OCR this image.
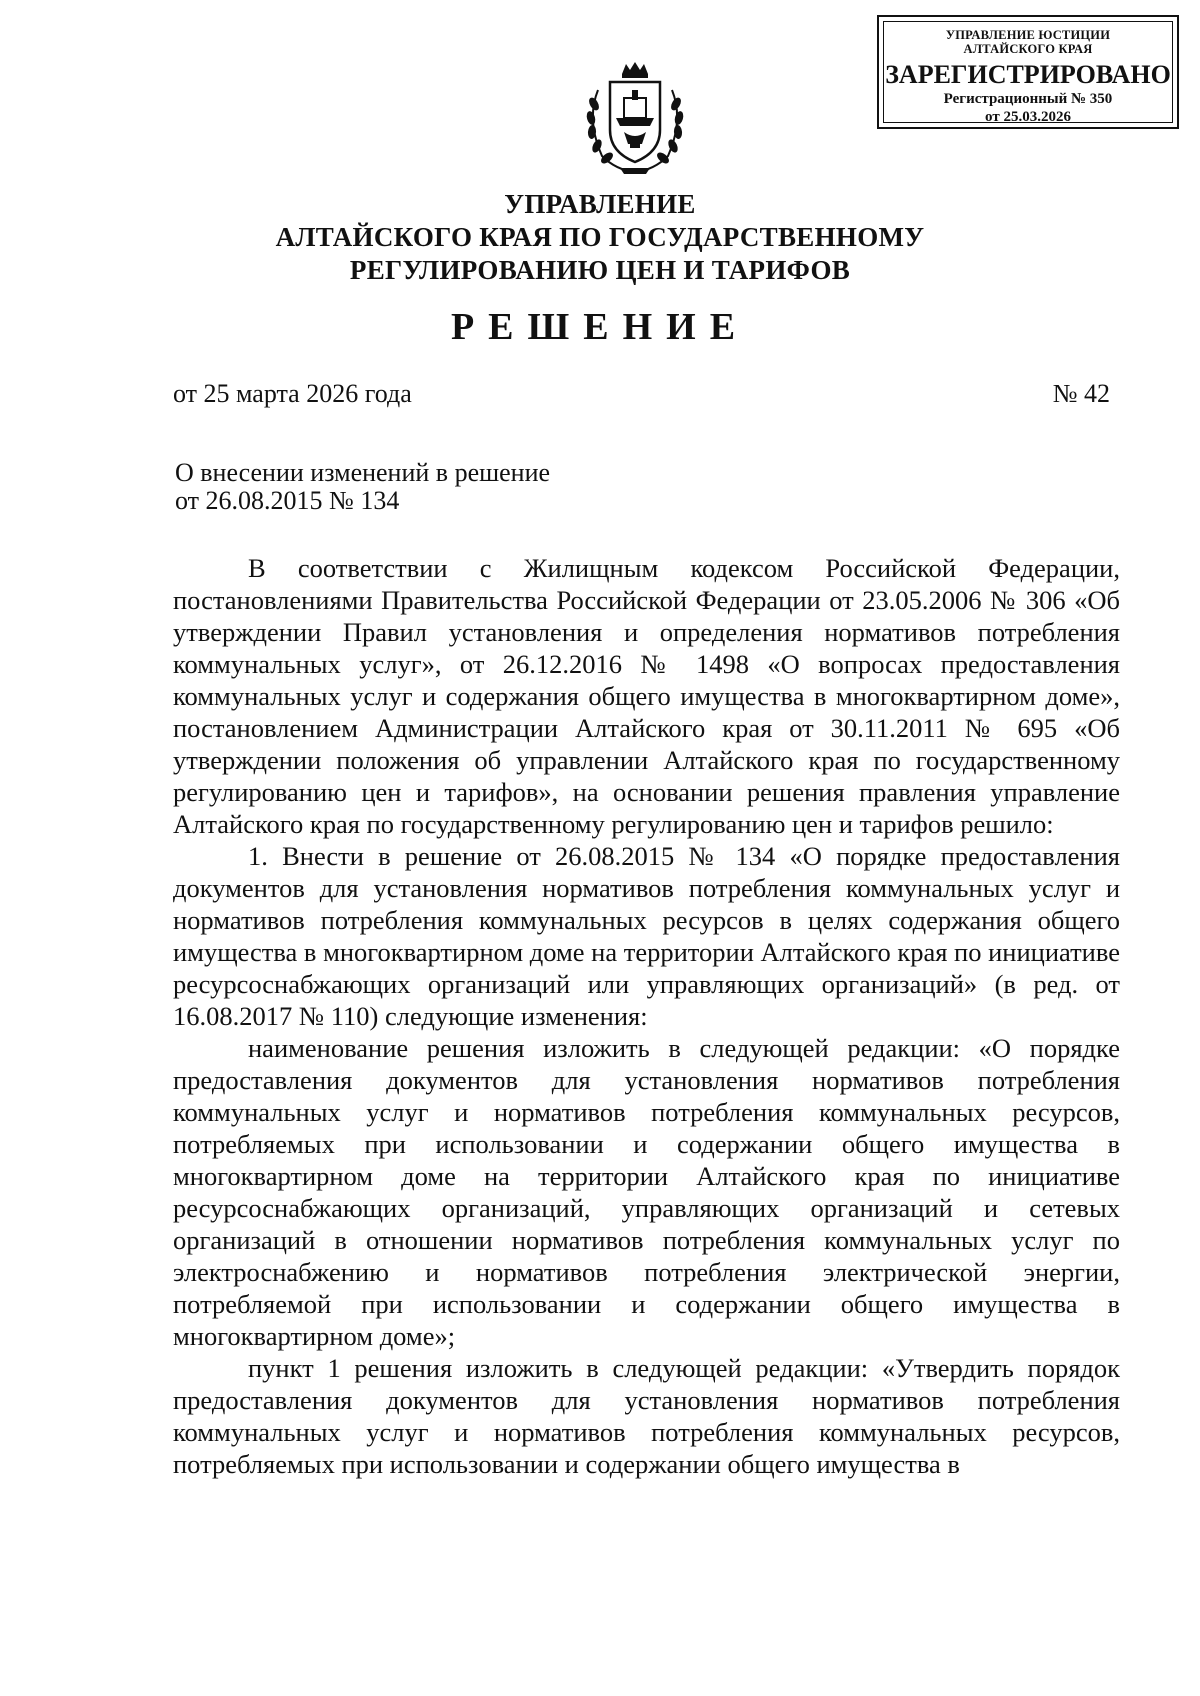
УПРАВЛЕНИЕ ЮСТИЦИИ
АЛТАЙСКОГО КРАЯ
ЗАРЕГИСТРИРОВАНО
Регистрационный № 350
от 25.03.2026
УПРАВЛЕНИЕ
АЛТАЙСКОГО КРАЯ ПО ГОСУДАРСТВЕННОМУ
РЕГУЛИРОВАНИЮ ЦЕН И ТАРИФОВ
РЕШЕНИЕ
от 25 марта 2026 года	№ 42
О внесении изменений в решение
от 26.08.2015 № 134

В соответствии с Жилищным кодексом Российской Федерации, постановлениями Правительства Российской Федерации от 23.05.2006 № 306 «Об утверждении Правил установления и определения нормативов потребления коммунальных услуг», от 26.12.2016 № 1498 «О вопросах предоставления коммунальных услуг и содержания общего имущества в многоквартирном доме», постановлением Администрации Алтайского края от 30.11.2011 № 695 «Об утверждении положения об управлении Алтайского края по государственному регулированию цен и тарифов», на основании решения правления управление Алтайского края по государственному регулированию цен и тарифов решило:

1. Внести в решение от 26.08.2015 № 134 «О порядке предоставления документов для установления нормативов потребления коммунальных услуг и нормативов потребления коммунальных ресурсов в целях содержания общего имущества в многоквартирном доме на территории Алтайского края по инициативе ресурсоснабжающих организаций или управляющих организаций» (в ред. от 16.08.2017 № 110) следующие изменения:

наименование решения изложить в следующей редакции: «О порядке предоставления документов для установления нормативов потребления коммунальных услуг и нормативов потребления коммунальных ресурсов, потребляемых при использовании и содержании общего имущества в многоквартирном доме на территории Алтайского края по инициативе ресурсоснабжающих организаций, управляющих организаций и сетевых организаций в отношении нормативов потребления коммунальных услуг по электроснабжению и нормативов потребления электрической энергии, потребляемой при использовании и содержании общего имущества в многоквартирном доме»;

пункт 1 решения изложить в следующей редакции: «Утвердить порядок предоставления документов для установления нормативов потребления коммунальных услуг и нормативов потребления коммунальных ресурсов, потребляемых при использовании и содержании общего имущества в
